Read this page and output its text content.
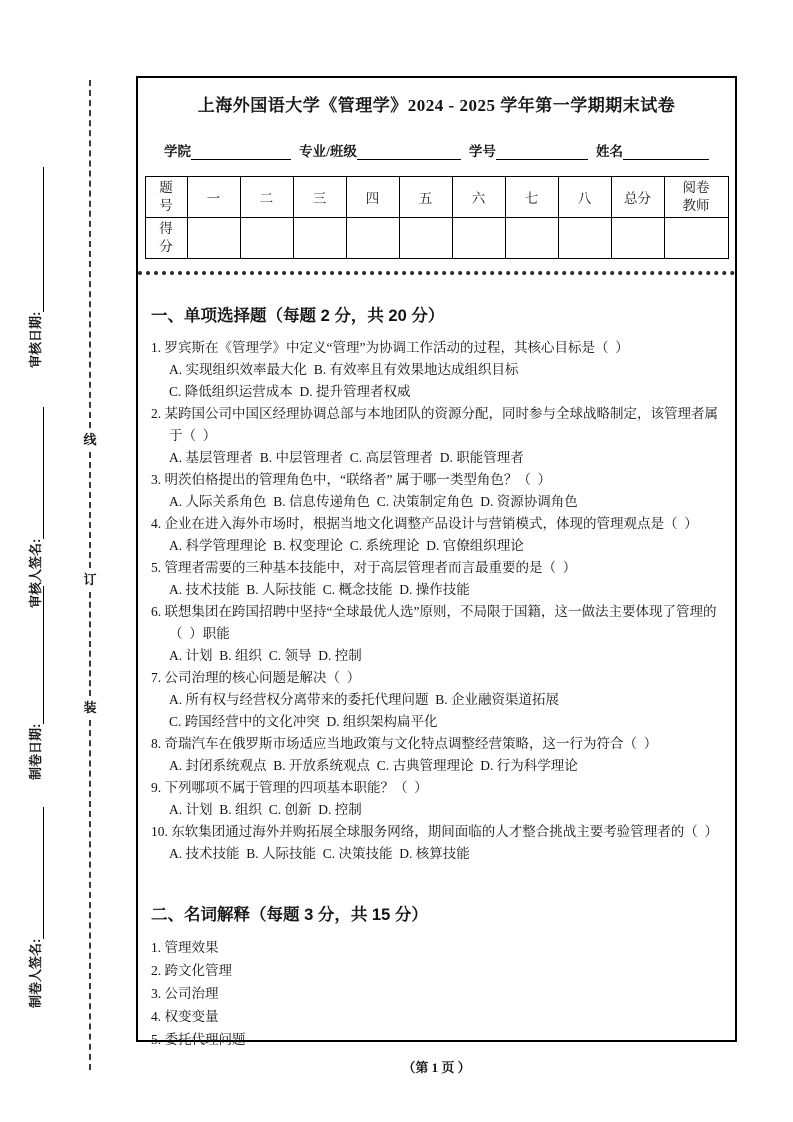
审核日期:
审核人签名:
制卷日期:
制卷人签名:
线
订
装
上海外国语大学《管理学》2024 - 2025 学年第一学期期末试卷
学院	专业/班级	学号	姓名
题号	一	二	三	四	五	六	七	八	总分	阅卷教师

得分										

一、单项选择题（每题 2 分，共 20 分）
1. 罗宾斯在《管理学》中定义“管理”为协调工作活动的过程，其核心目标是（  ）
A. 实现组织效率最大化  B. 有效率且有效果地达成组织目标
C. 降低组织运营成本  D. 提升管理者权威
2. 某跨国公司中国区经理协调总部与本地团队的资源分配，同时参与全球战略制定，该管理者属
于（  ）
A. 基层管理者  B. 中层管理者  C. 高层管理者  D. 职能管理者
3. 明茨伯格提出的管理角色中，“联络者” 属于哪一类型角色？（  ）
A. 人际关系角色  B. 信息传递角色  C. 决策制定角色  D. 资源协调角色
4. 企业在进入海外市场时，根据当地文化调整产品设计与营销模式，体现的管理观点是（  ）
A. 科学管理理论  B. 权变理论  C. 系统理论  D. 官僚组织理论
5. 管理者需要的三种基本技能中，对于高层管理者而言最重要的是（  ）
A. 技术技能  B. 人际技能  C. 概念技能  D. 操作技能
6. 联想集团在跨国招聘中坚持“全球最优人选”原则，不局限于国籍，这一做法主要体现了管理的
（  ）职能
A. 计划  B. 组织  C. 领导  D. 控制
7. 公司治理的核心问题是解决（  ）
A. 所有权与经营权分离带来的委托代理问题  B. 企业融资渠道拓展
C. 跨国经营中的文化冲突  D. 组织架构扁平化
8. 奇瑞汽车在俄罗斯市场适应当地政策与文化特点调整经营策略，这一行为符合（  ）
A. 封闭系统观点  B. 开放系统观点  C. 古典管理理论  D. 行为科学理论
9. 下列哪项不属于管理的四项基本职能？（  ）
A. 计划  B. 组织  C. 创新  D. 控制
10. 东软集团通过海外并购拓展全球服务网络，期间面临的人才整合挑战主要考验管理者的（  ）
A. 技术技能  B. 人际技能  C. 决策技能  D. 核算技能
二、名词解释（每题 3 分，共 15 分）
1. 管理效果
2. 跨文化管理
3. 公司治理
4. 权变变量
5. 委托代理问题
（第 1 页 ）
